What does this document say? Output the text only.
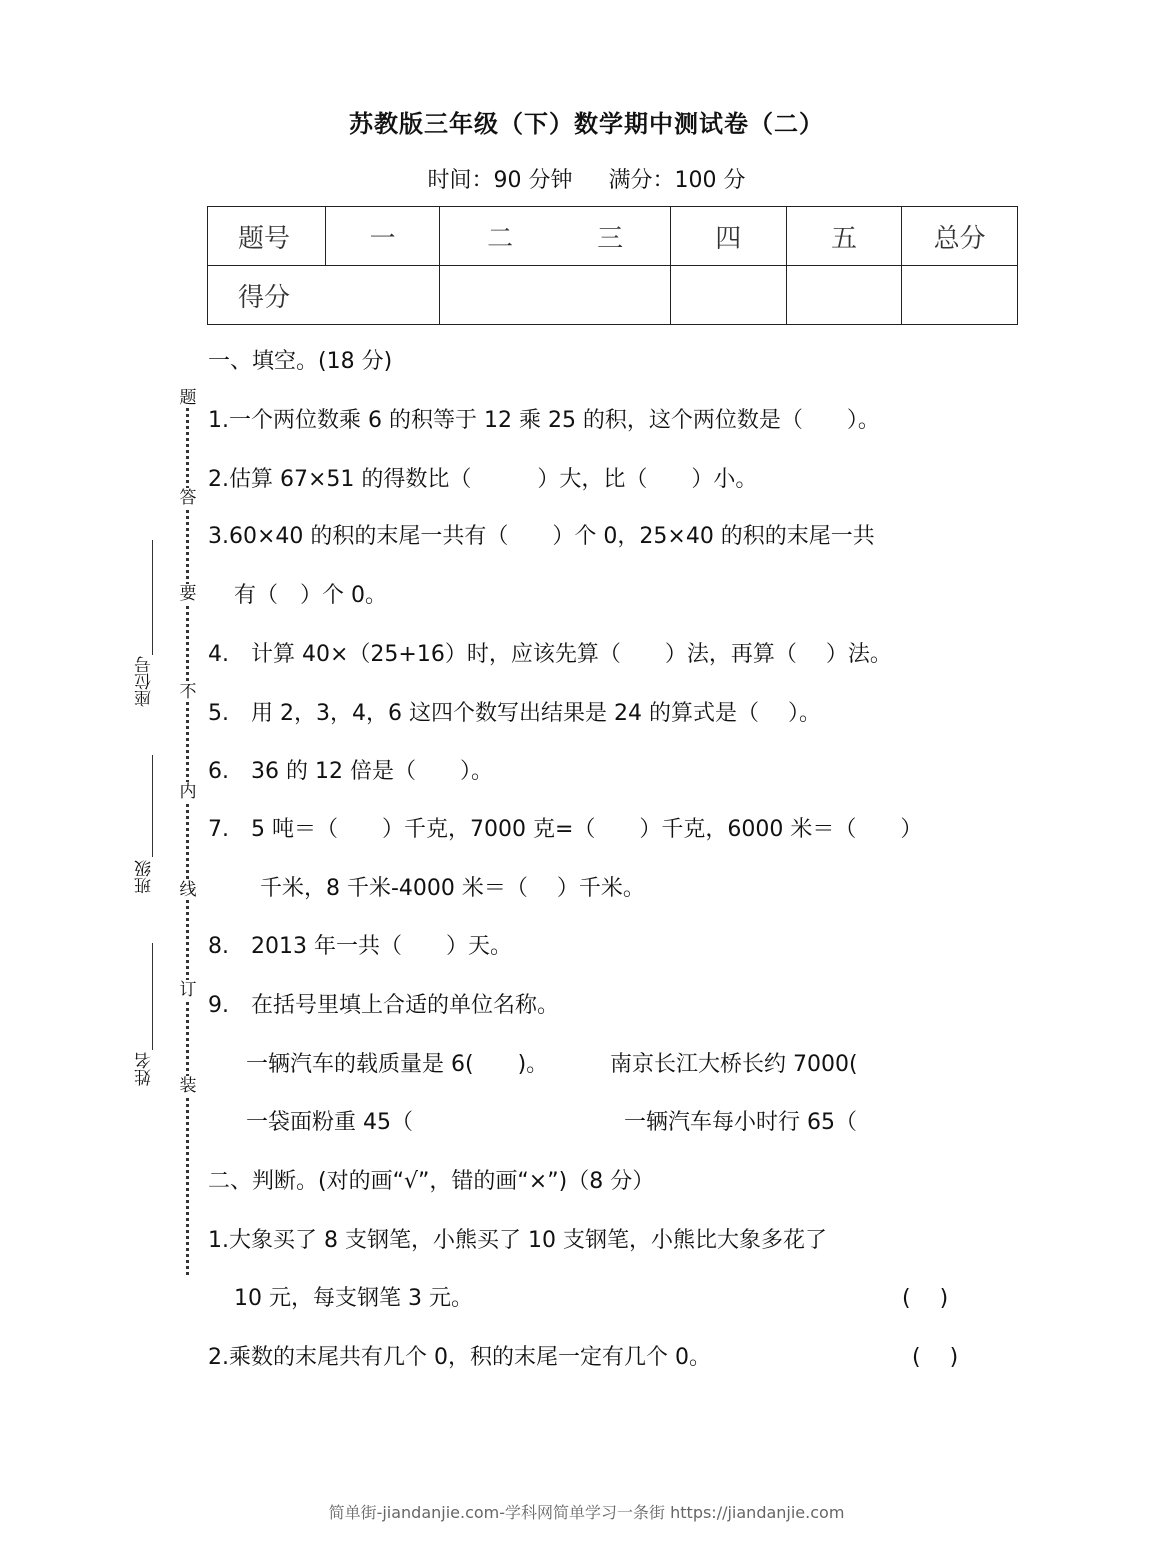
苏教版三年级（下）数学期中测试卷（二）
时间：90 分钟 满分：100 分
题号	一	二 三	四	五	总分
得分					
题
答
要
不
内
线
订
装
座位号
班级
姓名
一、填空。(18 分)
1.一个两位数乘 6 的积等于 12 乘 25 的积，这个两位数是（　　）。
2.估算 67×51 的得数比（　　　）大，比（　　）小。
3.60×40 的积的末尾一共有（　　）个 0，25×40 的积的末尾一共
有（　）个 0。
4.　计算 40×（25+16）时，应该先算（　　）法，再算（　 ）法。
5.　用 2，3，4，6 这四个数写出结果是 24 的算式是（　 ）。
6.　36 的 12 倍是（　　）。
7.　5 吨＝（　　）千克，7000 克=（　　）千克，6000 米＝（　　）
千米，8 千米-4000 米＝（　 ）千米。
8.　2013 年一共（　　）天。
9.　在括号里填上合适的单位名称。
一辆汽车的载质量是 6(　　)。	南京长江大桥长约 7000(
一袋面粉重 45（	一辆汽车每小时行 65（
二、判断。(对的画“√”，错的画“×”)（8 分）
1.大象买了 8 支钢笔，小熊买了 10 支钢笔，小熊比大象多花了
10 元，每支钢笔 3 元。	(　 )
2.乘数的末尾共有几个 0，积的末尾一定有几个 0。	(　 )
简单街-jiandanjie.com-学科网简单学习一条街 https://jiandanjie.com
